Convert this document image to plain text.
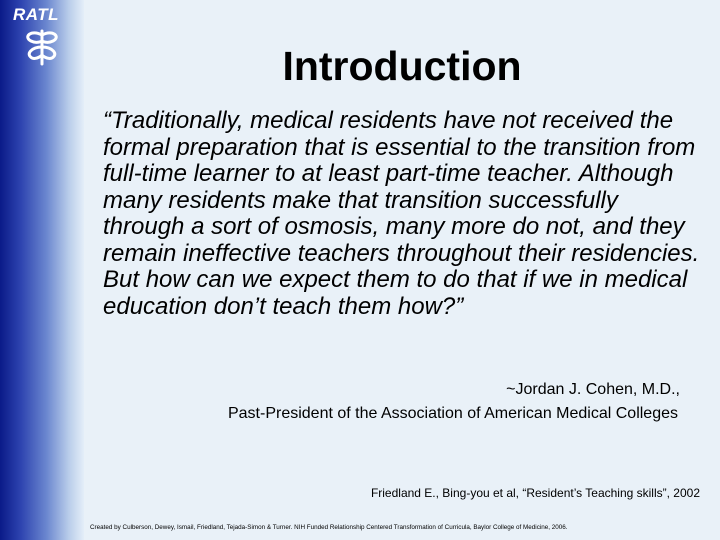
RATL
Introduction

“Traditionally, medical residents have not received the formal preparation that is essential to the transition from full-time learner to at least part-time teacher. Although many residents make that transition successfully through a sort of osmosis, many more do not, and they remain ineffective teachers throughout their residencies. But how can we expect them to do that if we in medical education don’t teach them how?”

~Jordan J. Cohen, M.D.,
Past-President of the Association of American Medical Colleges
Friedland E., Bing-you et al, “Resident’s Teaching skills”, 2002
Created by Culberson, Dewey, Ismail, Friedland, Tejada-Simon & Turner. NIH Funded Relationship Centered Transformation of Curricula, Baylor College of Medicine, 2006.
